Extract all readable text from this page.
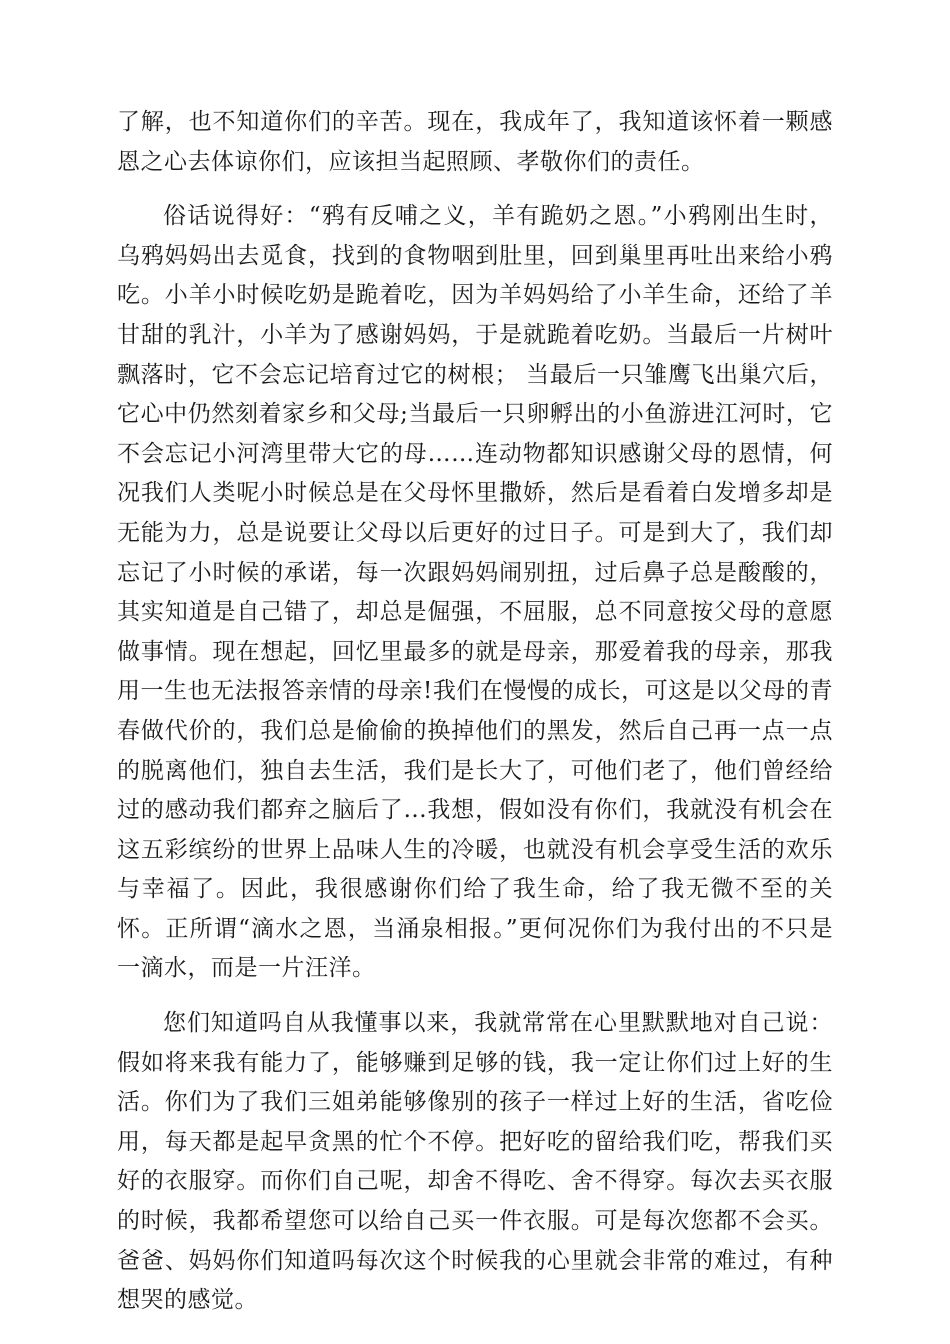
了解，也不知道你们的辛苦。现在，我成年了，我知道该怀着一颗感恩之心去体谅你们，应该担当起照顾、孝敬你们的责任。

俗话说得好：“鸦有反哺之义，羊有跪奶之恩。”小鸦刚出生时，乌鸦妈妈出去觅食，找到的食物咽到肚里，回到巢里再吐出来给小鸦吃。小羊小时候吃奶是跪着吃，因为羊妈妈给了小羊生命，还给了羊甘甜的乳汁，小羊为了感谢妈妈，于是就跪着吃奶。当最后一片树叶飘落时，它不会忘记培育过它的树根； 当最后一只雏鹰飞出巢穴后，它心中仍然刻着家乡和父母;当最后一只卵孵出的小鱼游进江河时，它不会忘记小河湾里带大它的母……连动物都知识感谢父母的恩情，何况我们人类呢小时候总是在父母怀里撒娇，然后是看着白发增多却是无能为力，总是说要让父母以后更好的过日子。可是到大了，我们却忘记了小时候的承诺，每一次跟妈妈闹别扭，过后鼻子总是酸酸的，其实知道是自己错了，却总是倔强，不屈服，总不同意按父母的意愿做事情。现在想起，回忆里最多的就是母亲，那爱着我的母亲，那我用一生也无法报答亲情的母亲!我们在慢慢的成长，可这是以父母的青春做代价的，我们总是偷偷的换掉他们的黑发，然后自己再一点一点的脱离他们，独自去生活，我们是长大了，可他们老了，他们曾经给过的感动我们都弃之脑后了...我想，假如没有你们，我就没有机会在这五彩缤纷的世界上品味人生的冷暖，也就没有机会享受生活的欢乐与幸福了。因此，我很感谢你们给了我生命，给了我无微不至的关怀。正所谓“滴水之恩，当涌泉相报。”更何况你们为我付出的不只是一滴水，而是一片汪洋。

您们知道吗自从我懂事以来，我就常常在心里默默地对自己说：假如将来我有能力了，能够赚到足够的钱，我一定让你们过上好的生活。你们为了我们三姐弟能够像别的孩子一样过上好的生活，省吃俭用，每天都是起早贪黑的忙个不停。把好吃的留给我们吃，帮我们买好的衣服穿。而你们自己呢，却舍不得吃、舍不得穿。每次去买衣服的时候，我都希望您可以给自己买一件衣服。可是每次您都不会买。爸爸、妈妈你们知道吗每次这个时候我的心里就会非常的难过，有种想哭的感觉。
